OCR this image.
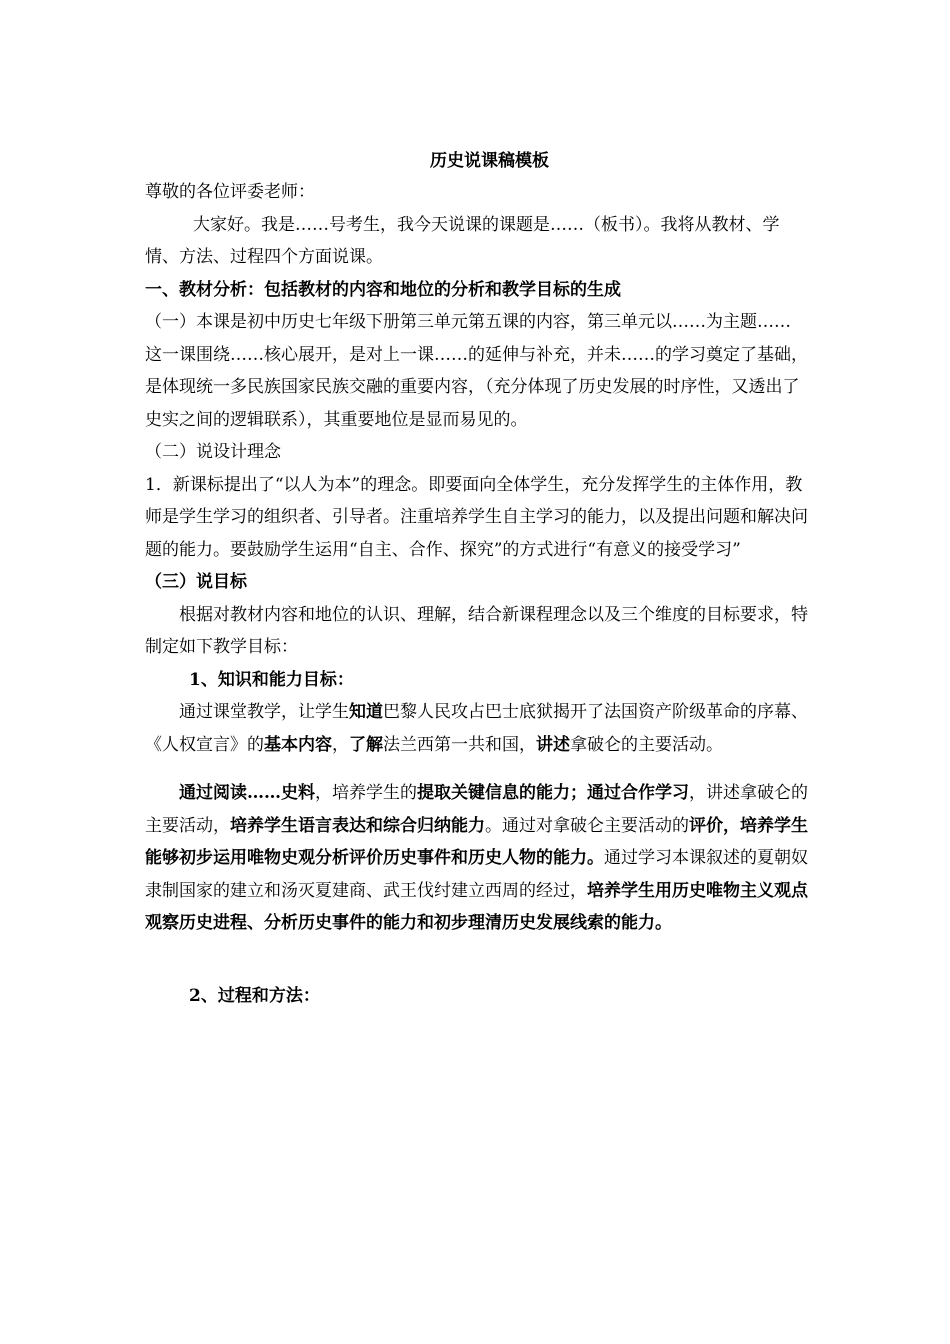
历史说课稿模板

尊敬的各位评委老师：

大家好。我是……号考生，我今天说课的课题是……（板书）。我将从教材、学情、方法、过程四个方面说课。

一、教材分析：包括教材的内容和地位的分析和教学目标的生成

（一）本课是初中历史七年级下册第三单元第五课的内容，第三单元以……为主题……

这一课围绕……核心展开，是对上一课……的延伸与补充，并未……的学习奠定了基础，是体现统一多民族国家民族交融的重要内容，（充分体现了历史发展的时序性，又透出了史实之间的逻辑联系），其重要地位是显而易见的。

（二）说设计理念

1．新课标提出了“以人为本”的理念。即要面向全体学生，充分发挥学生的主体作用，教师是学生学习的组织者、引导者。注重培养学生自主学习的能力，以及提出问题和解决问题的能力。要鼓励学生运用“自主、合作、探究”的方式进行“有意义的接受学习”

（三）说目标

根据对教材内容和地位的认识、理解，结合新课程理念以及三个维度的目标要求，特制定如下教学目标：

1、知识和能力目标：

通过课堂教学，让学生知道巴黎人民攻占巴士底狱揭开了法国资产阶级革命的序幕、《人权宣言》的基本内容，了解法兰西第一共和国，讲述拿破仑的主要活动。

通过阅读……史料，培养学生的提取关键信息的能力；通过合作学习，讲述拿破仑的主要活动，培养学生语言表达和综合归纳能力。通过对拿破仑主要活动的评价，培养学生能够初步运用唯物史观分析评价历史事件和历史人物的能力。通过学习本课叙述的夏朝奴隶制国家的建立和汤灭夏建商、武王伐纣建立西周的经过，培养学生用历史唯物主义观点观察历史进程、分析历史事件的能力和初步理清历史发展线索的能力。

2、过程和方法：
